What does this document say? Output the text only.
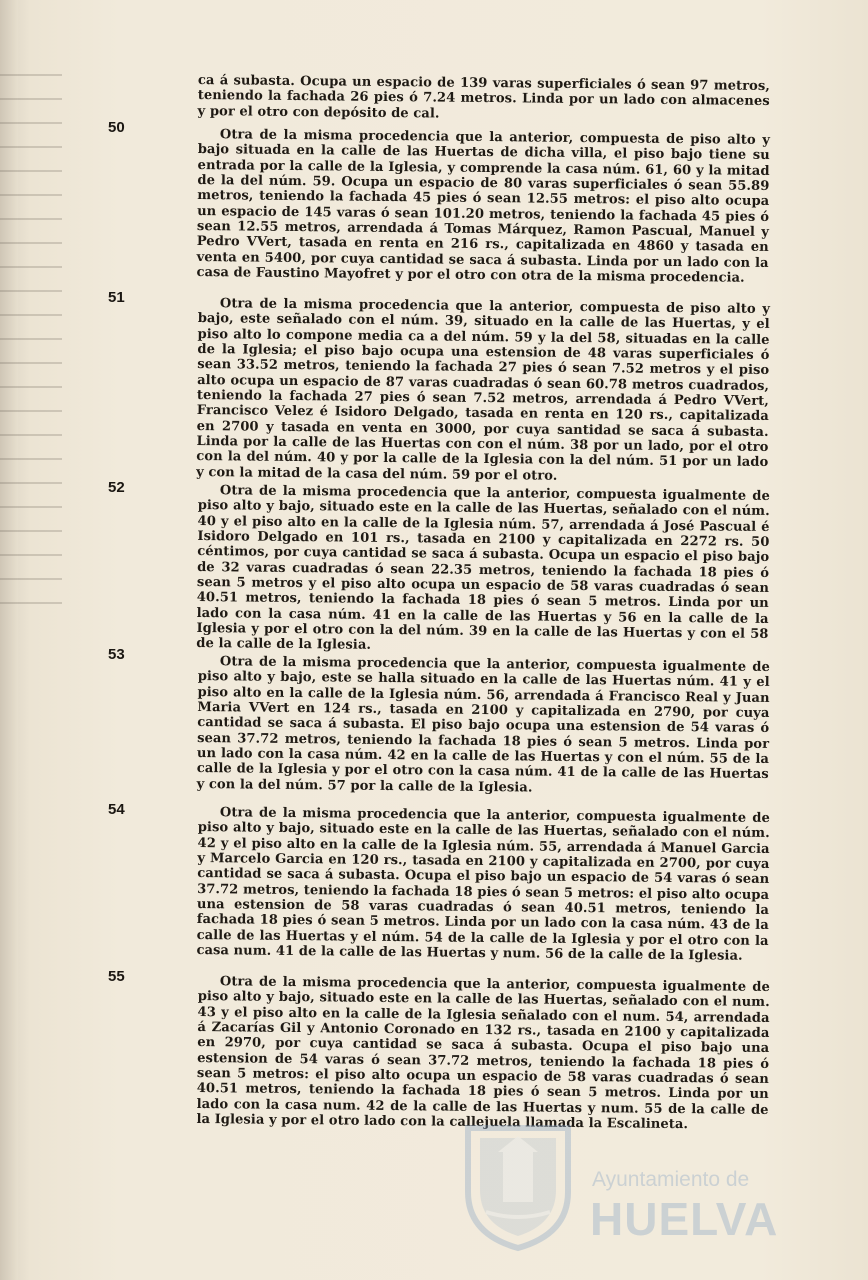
50
51
52
53
54
55

ca á subasta. Ocupa un espacio de 139 varas superficiales ó sean 97 metros, teniendo la fachada 26 pies ó 7.24 metros. Linda por un lado con almacenes y por el otro con depósito de cal.

Otra de la misma procedencia que la anterior, compuesta de piso alto y bajo situada en la calle de las Huertas de dicha villa, el piso bajo tiene su entrada por la calle de la Iglesia, y comprende la casa núm. 61, 60 y la mitad de la del núm. 59. Ocupa un espacio de 80 varas superficiales ó sean 55.89 metros, teniendo la fachada 45 pies ó sean 12.55 metros: el piso alto ocupa un espacio de 145 varas ó sean 101.20 metros, teniendo la fachada 45 pies ó sean 12.55 metros, arrendada á Tomas Márquez, Ramon Pascual, Manuel y Pedro VVert, tasada en renta en 216 rs., capitalizada en 4860 y tasada en venta en 5400, por cuya cantidad se saca á subasta. Linda por un lado con la casa de Faustino Mayofret y por el otro con otra de la misma procedencia.

Otra de la misma procedencia que la anterior, compuesta de piso alto y bajo, este señalado con el núm. 39, situado en la calle de las Huertas, y el piso alto lo compone media ca a del núm. 59 y la del 58, situadas en la calle de la Iglesia; el piso bajo ocupa una estension de 48 varas superficiales ó sean 33.52 metros, teniendo la fachada 27 pies ó sean 7.52 metros y el piso alto ocupa un espacio de 87 varas cuadradas ó sean 60.78 metros cuadrados, teniendo la fachada 27 pies ó sean 7.52 metros, arrendada á Pedro VVert, Francisco Velez é Isidoro Delgado, tasada en renta en 120 rs., capitalizada en 2700 y tasada en venta en 3000, por cuya santidad se saca á subasta. Linda por la calle de las Huertas con con el núm. 38 por un lado, por el otro con la del núm. 40 y por la calle de la Iglesia con la del núm. 51 por un lado y con la mitad de la casa del núm. 59 por el otro.

Otra de la misma procedencia que la anterior, compuesta igualmente de piso alto y bajo, situado este en la calle de las Huertas, señalado con el núm. 40 y el piso alto en la calle de la Iglesia núm. 57, arrendada á José Pascual é Isidoro Delgado en 101 rs., tasada en 2100 y capitalizada en 2272 rs. 50 céntimos, por cuya cantidad se saca á subasta. Ocupa un espacio el piso bajo de 32 varas cuadradas ó sean 22.35 metros, teniendo la fachada 18 pies ó sean 5 metros y el piso alto ocupa un espacio de 58 varas cuadradas ó sean 40.51 metros, teniendo la fachada 18 pies ó sean 5 metros. Linda por un lado con la casa núm. 41 en la calle de las Huertas y 56 en la calle de la Iglesia y por el otro con la del núm. 39 en la calle de las Huertas y con el 58 de la calle de la Iglesia.

Otra de la misma procedencia que la anterior, compuesta igualmente de piso alto y bajo, este se halla situado en la calle de las Huertas núm. 41 y el piso alto en la calle de la Iglesia núm. 56, arrendada á Francisco Real y Juan Maria VVert en 124 rs., tasada en 2100 y capitalizada en 2790, por cuya cantidad se saca á subasta. El piso bajo ocupa una estension de 54 varas ó sean 37.72 metros, teniendo la fachada 18 pies ó sean 5 metros. Linda por un lado con la casa núm. 42 en la calle de las Huertas y con el núm. 55 de la calle de la Iglesia y por el otro con la casa núm. 41 de la calle de las Huertas y con la del núm. 57 por la calle de la Iglesia.

Otra de la misma procedencia que la anterior, compuesta igualmente de piso alto y bajo, situado este en la calle de las Huertas, señalado con el núm. 42 y el piso alto en la calle de la Iglesia núm. 55, arrendada á Manuel Garcia y Marcelo Garcia en 120 rs., tasada en 2100 y capitalizada en 2700, por cuya cantidad se saca á subasta. Ocupa el piso bajo un espacio de 54 varas ó sean 37.72 metros, teniendo la fachada 18 pies ó sean 5 metros: el piso alto ocupa una estension de 58 varas cuadradas ó sean 40.51 metros, teniendo la fachada 18 pies ó sean 5 metros. Linda por un lado con la casa núm. 43 de la calle de las Huertas y el núm. 54 de la calle de la Iglesia y por el otro con la casa num. 41 de la calle de las Huertas y num. 56 de la calle de la Iglesia.

Otra de la misma procedencia que la anterior, compuesta igualmente de piso alto y bajo, situado este en la calle de las Huertas, señalado con el num. 43 y el piso alto en la calle de la Iglesia señalado con el num. 54, arrendada á Zacarías Gil y Antonio Coronado en 132 rs., tasada en 2100 y capitalizada en 2970, por cuya cantidad se saca á subasta. Ocupa el piso bajo una estension de 54 varas ó sean 37.72 metros, teniendo la fachada 18 pies ó sean 5 metros: el piso alto ocupa un espacio de 58 varas cuadradas ó sean 40.51 metros, teniendo la fachada 18 pies ó sean 5 metros. Linda por un lado con la casa num. 42 de la calle de las Huertas y num. 55 de la calle de la Iglesia y por el otro lado con la callejuela llamada la Escalineta.

Ayuntamiento de
HUELVA
